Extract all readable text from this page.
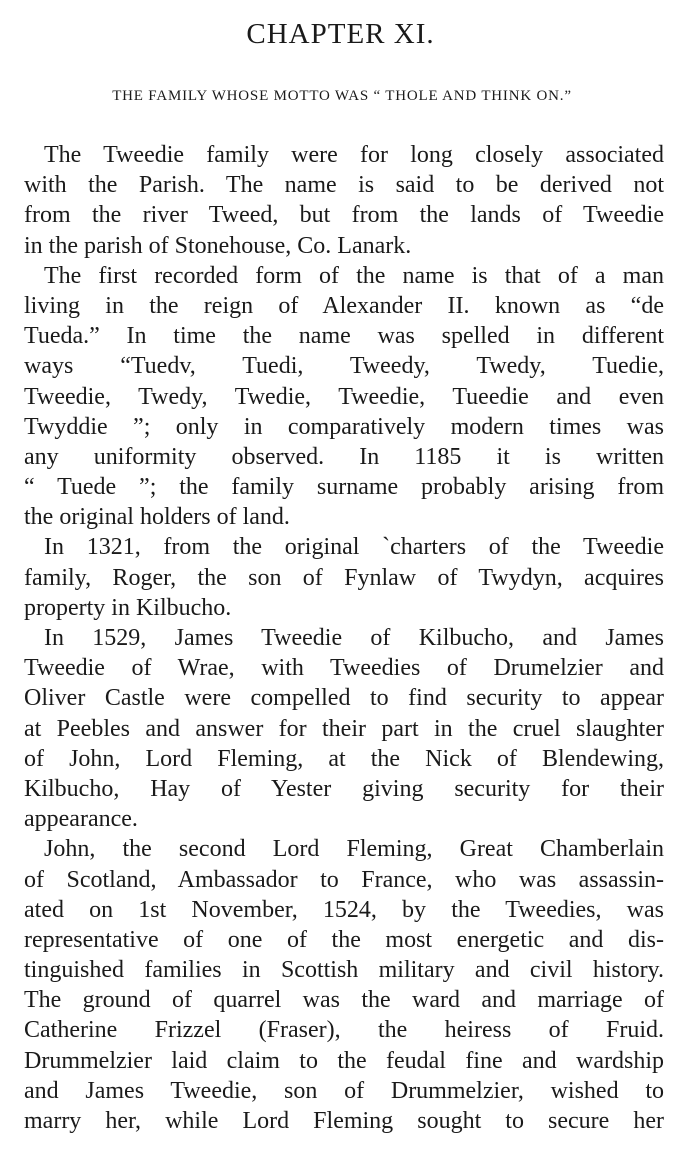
CHAPTER XI.
THE FAMILY WHOSE MOTTO WAS “ THOLE AND THINK ON.”
The Tweedie family were for long closely associated
with the Parish. The name is said to be derived not
from the river Tweed, but from the lands of Tweedie
in the parish of Stonehouse, Co. Lanark.
The first recorded form of the name is that of a man
living in the reign of Alexander II. known as “de
Tueda.” In time the name was spelled in different
ways “Tuedv, Tuedi, Tweedy, Twedy, Tuedie,
Tweedie, Twedy, Twedie, Tweedie, Tueedie and even
Twyddie ”; only in comparatively modern times was
any uniformity observed. In 1185 it is written
“ Tuede ”; the family surname probably arising from
the original holders of land.
In 1321, from the original `charters of the Tweedie
family, Roger, the son of Fynlaw of Twydyn, acquires
property in Kilbucho.
In 1529, James Tweedie of Kilbucho, and James
Tweedie of Wrae, with Tweedies of Drumelzier and
Oliver Castle were compelled to find security to appear
at Peebles and answer for their part in the cruel slaughter
of John, Lord Fleming, at the Nick of Blendewing,
Kilbucho, Hay of Yester giving security for their
appearance.
John, the second Lord Fleming, Great Chamberlain
of Scotland, Ambassador to France, who was assassin-
ated on 1st November, 1524, by the Tweedies, was
representative of one of the most energetic and dis-
tinguished families in Scottish military and civil history.
The ground of quarrel was the ward and marriage of
Catherine Frizzel (Fraser), the heiress of Fruid.
Drummelzier laid claim to the feudal fine and wardship
and James Tweedie, son of Drummelzier, wished to
marry her, while Lord Fleming sought to secure her
